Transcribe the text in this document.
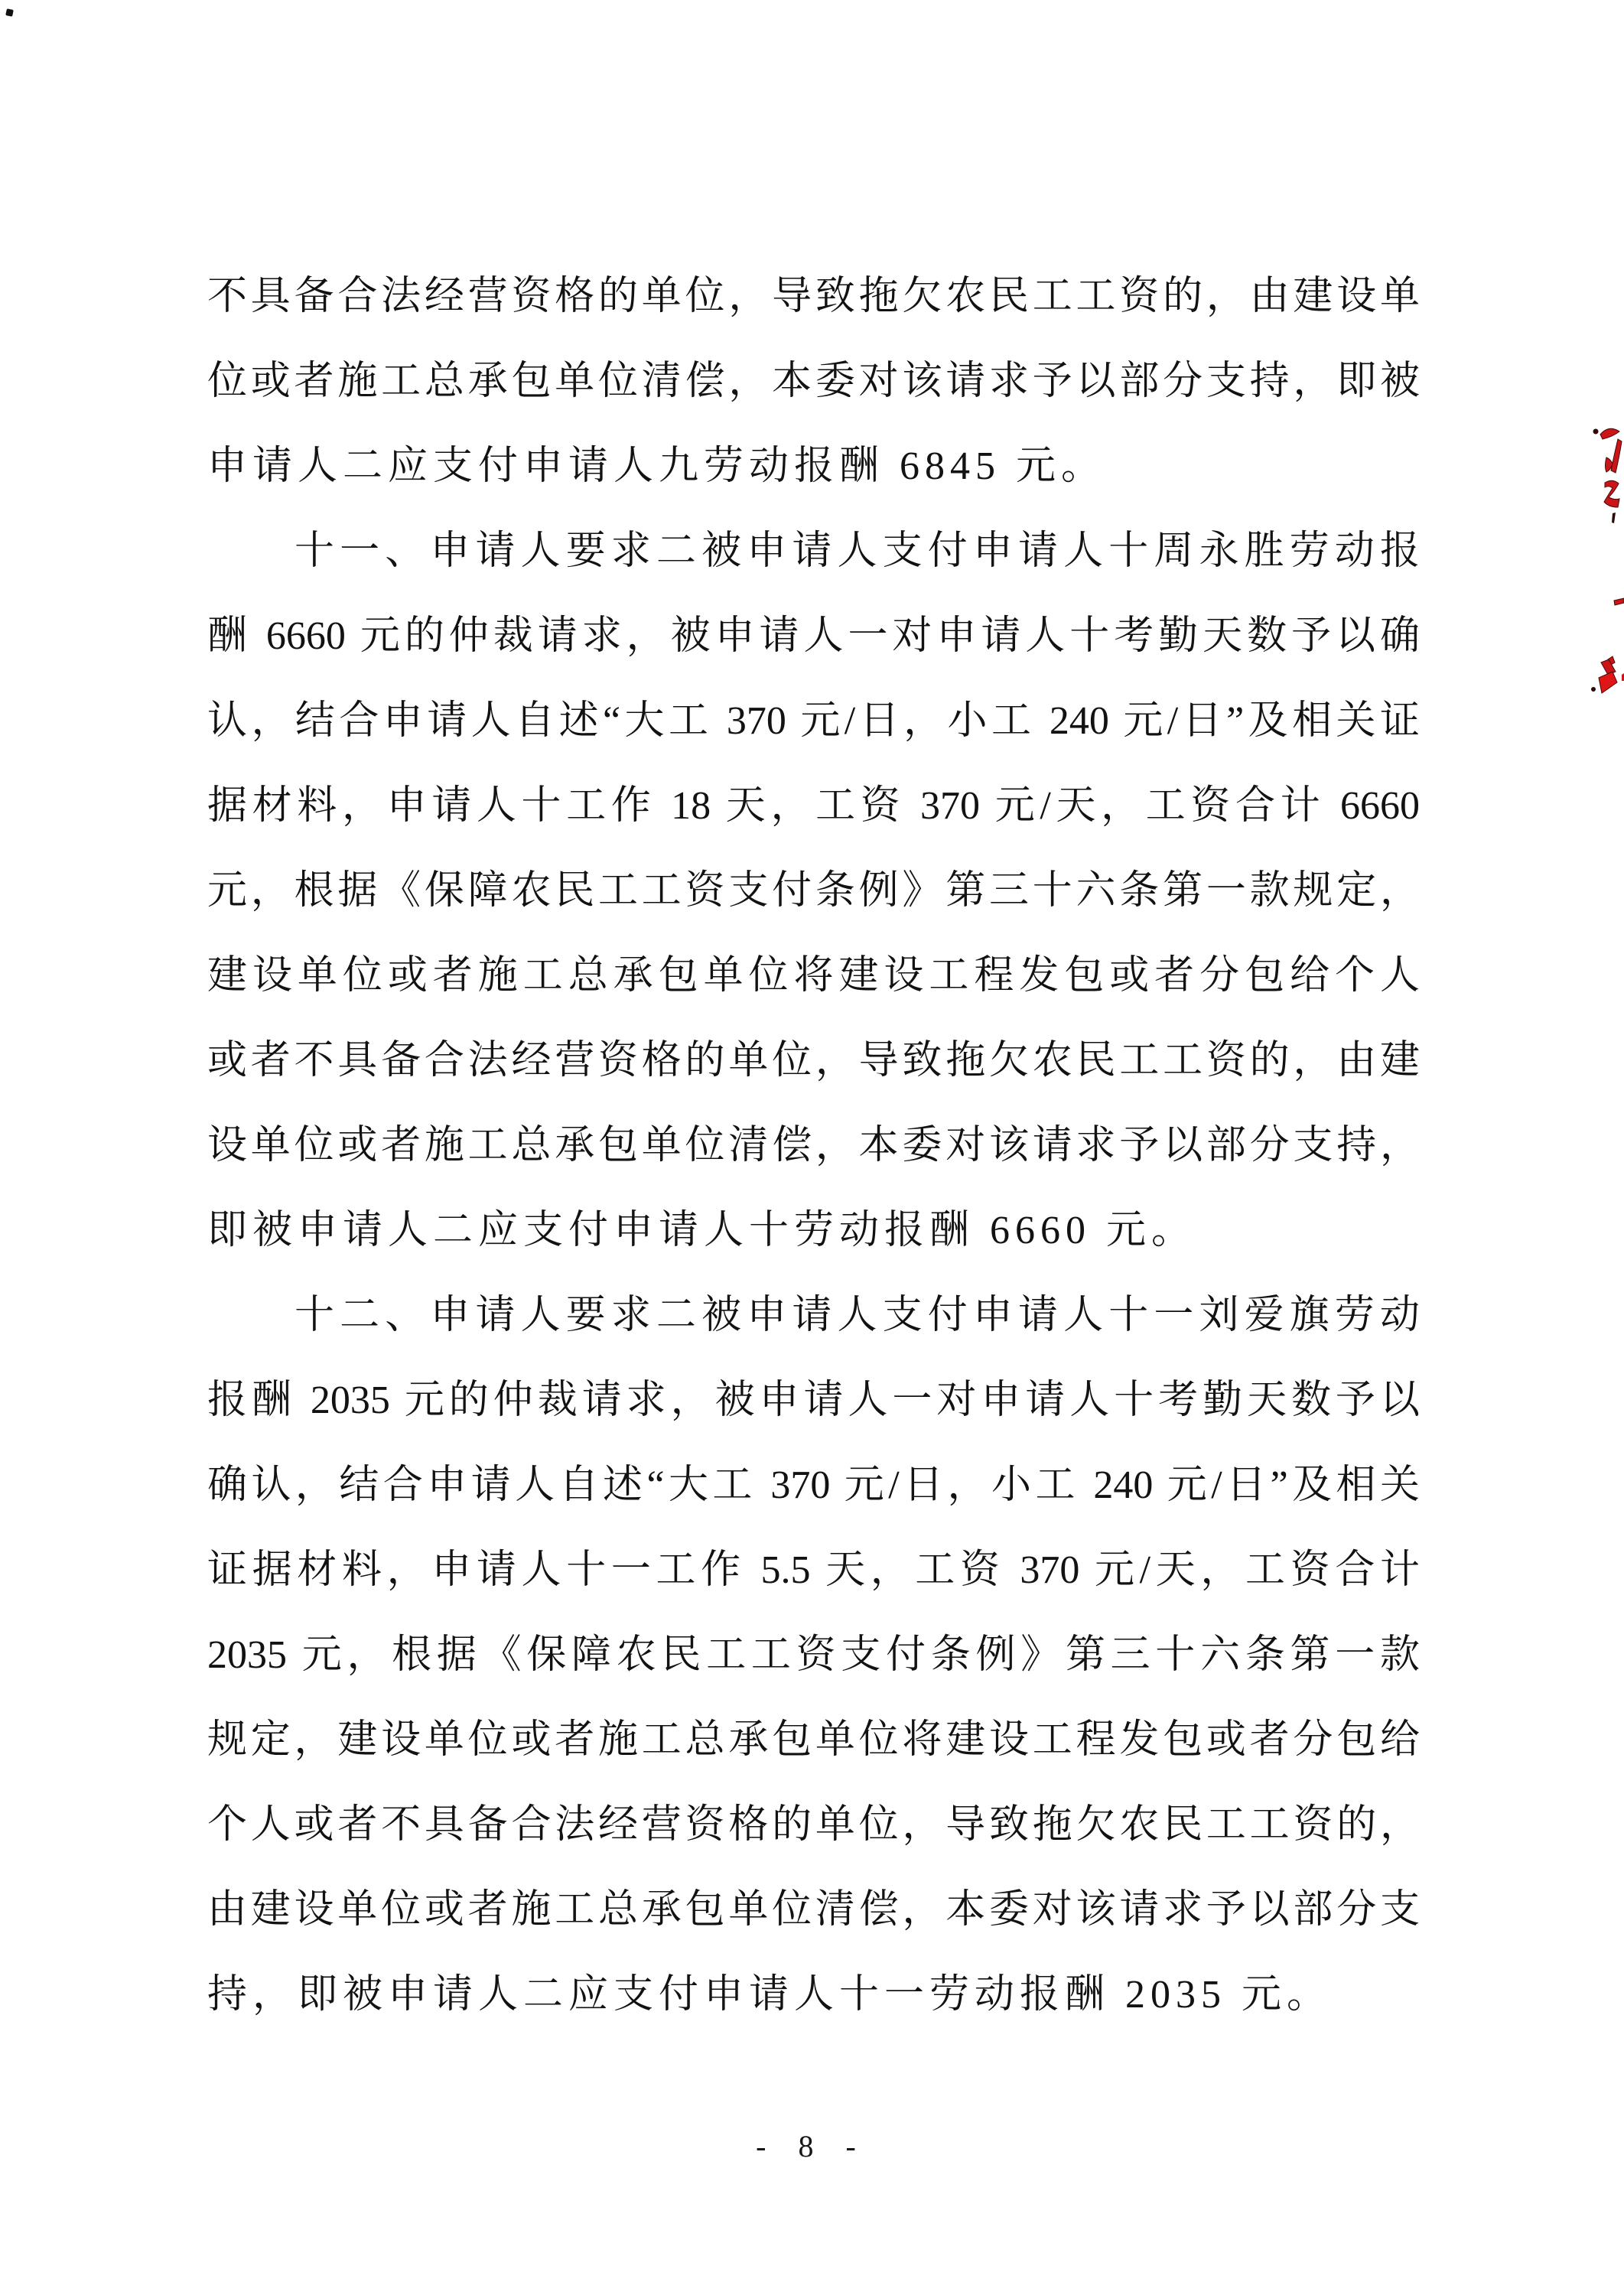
不具备合法经营资格的单位，导致拖欠农民工工资的，由建设单
位或者施工总承包单位清偿，本委对该请求予以部分支持，即被
申请人二应支付申请人九劳动报酬 6845 元。
十一、申请人要求二被申请人支付申请人十周永胜劳动报
酬 6660 元的仲裁请求，被申请人一对申请人十考勤天数予以确
认，结合申请人自述“大工 370 元/日，小工 240 元/日”及相关证
据材料，申请人十工作 18 天，工资 370 元/天，工资合计 6660
元，根据《保障农民工工资支付条例》第三十六条第一款规定，
建设单位或者施工总承包单位将建设工程发包或者分包给个人
或者不具备合法经营资格的单位，导致拖欠农民工工资的，由建
设单位或者施工总承包单位清偿，本委对该请求予以部分支持，
即被申请人二应支付申请人十劳动报酬 6660 元。
十二、申请人要求二被申请人支付申请人十一刘爱旗劳动
报酬 2035 元的仲裁请求，被申请人一对申请人十考勤天数予以
确认，结合申请人自述“大工 370 元/日，小工 240 元/日”及相关
证据材料，申请人十一工作 5.5 天，工资 370 元/天，工资合计
2035 元，根据《保障农民工工资支付条例》第三十六条第一款
规定，建设单位或者施工总承包单位将建设工程发包或者分包给
个人或者不具备合法经营资格的单位，导致拖欠农民工工资的，
由建设单位或者施工总承包单位清偿，本委对该请求予以部分支
持，即被申请人二应支付申请人十一劳动报酬 2035 元。
- 8 -
